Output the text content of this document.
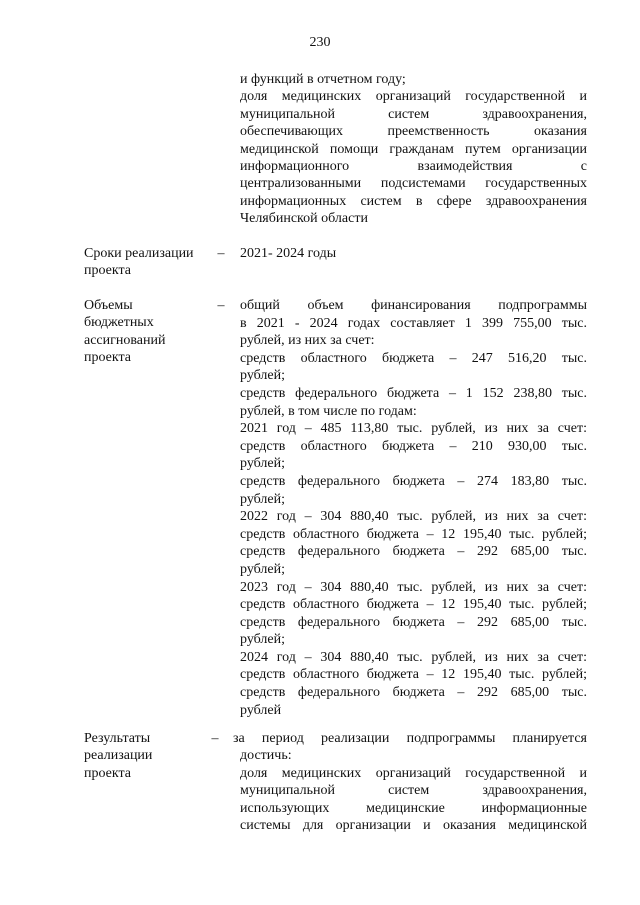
230
и функций в отчетном году;
доля медицинских организаций государственной и
муниципальной систем здравоохранения,
обеспечивающих преемственность оказания
медицинской помощи гражданам путем организации
информационного взаимодействия с
централизованными подсистемами государственных
информационных систем в сфере здравоохранения
Челябинской области
Сроки реализации
проекта
– 2021- 2024 годы
Объемы
бюджетных
ассигнований
проекта
– общий объем финансирования подпрограммы
в 2021 - 2024 годах составляет 1 399 755,00 тыс.
рублей, из них за счет:
средств областного бюджета – 247 516,20 тыс.
рублей;
средств федерального бюджета – 1 152 238,80 тыс.
рублей, в том числе по годам:
2021 год – 485 113,80 тыс. рублей, из них за счет:
средств областного бюджета – 210 930,00 тыс.
рублей;
средств федерального бюджета – 274 183,80 тыс.
рублей;
2022 год – 304 880,40 тыс. рублей, из них за счет:
средств областного бюджета – 12 195,40 тыс. рублей;
средств федерального бюджета – 292 685,00 тыс.
рублей;
2023 год – 304 880,40 тыс. рублей, из них за счет:
средств областного бюджета – 12 195,40 тыс. рублей;
средств федерального бюджета – 292 685,00 тыс.
рублей;
2024 год – 304 880,40 тыс. рублей, из них за счет:
средств областного бюджета – 12 195,40 тыс. рублей;
средств федерального бюджета – 292 685,00 тыс.
рублей
Результаты
реализации
проекта
– за период реализации подпрограммы планируется
достичь:
доля медицинских организаций государственной и
муниципальной систем здравоохранения,
использующих медицинские информационные
системы для организации и оказания медицинской
